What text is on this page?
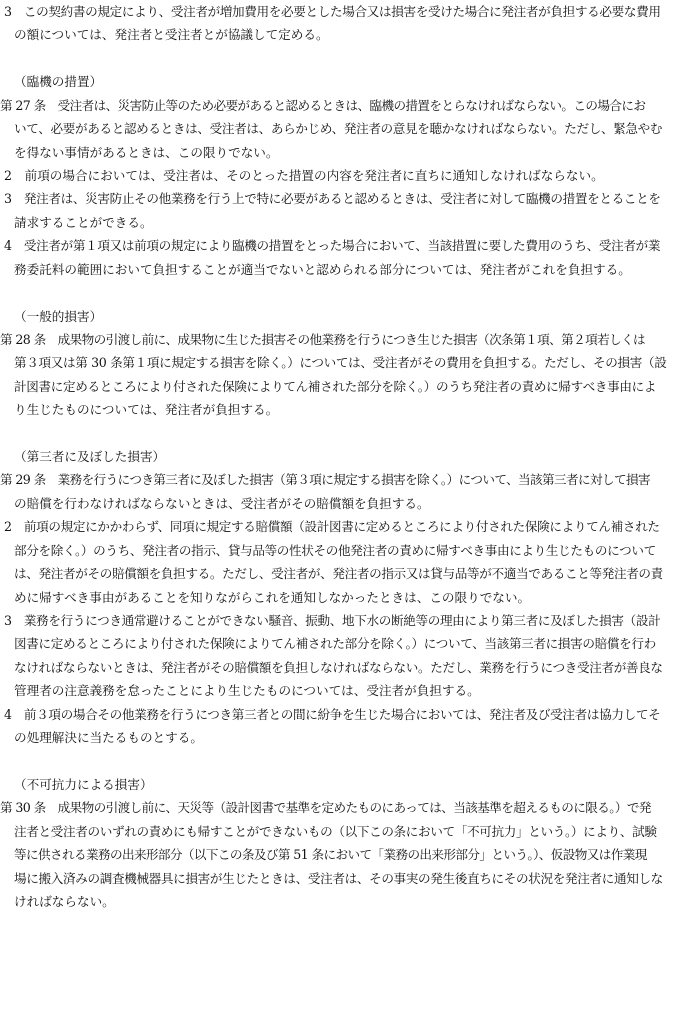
3　この契約書の規定により、受注者が増加費用を必要とした場合又は損害を受けた場合に発注者が負担する必要な費用
の額については、発注者と受注者とが協議して定める。
（臨機の措置）
第 27 条　受注者は、災害防止等のため必要があると認めるときは、臨機の措置をとらなければならない。この場合にお
いて、必要があると認めるときは、受注者は、あらかじめ、発注者の意見を聴かなければならない。ただし、緊急やむ
を得ない事情があるときは、この限りでない。
2　前項の場合においては、受注者は、そのとった措置の内容を発注者に直ちに通知しなければならない。
3　発注者は、災害防止その他業務を行う上で特に必要があると認めるときは、受注者に対して臨機の措置をとることを
請求することができる。
4　受注者が第１項又は前項の規定により臨機の措置をとった場合において、当該措置に要した費用のうち、受注者が業
務委託料の範囲において負担することが適当でないと認められる部分については、発注者がこれを負担する。
（一般的損害）
第 28 条　成果物の引渡し前に、成果物に生じた損害その他業務を行うにつき生じた損害（次条第１項、第２項若しくは
第３項又は第 30 条第１項に規定する損害を除く。）については、受注者がその費用を負担する。ただし、その損害（設
計図書に定めるところにより付された保険によりてん補された部分を除く。）のうち発注者の責めに帰すべき事由によ
り生じたものについては、発注者が負担する。
（第三者に及ぼした損害）
第 29 条　業務を行うにつき第三者に及ぼした損害（第３項に規定する損害を除く。）について、当該第三者に対して損害
の賠償を行わなければならないときは、受注者がその賠償額を負担する。
2　前項の規定にかかわらず、同項に規定する賠償額（設計図書に定めるところにより付された保険によりてん補された
部分を除く。）のうち、発注者の指示、貸与品等の性状その他発注者の責めに帰すべき事由により生じたものについて
は、発注者がその賠償額を負担する。ただし、受注者が、発注者の指示又は貸与品等が不適当であること等発注者の責
めに帰すべき事由があることを知りながらこれを通知しなかったときは、この限りでない。
3　業務を行うにつき通常避けることができない騒音、振動、地下水の断絶等の理由により第三者に及ぼした損害（設計
図書に定めるところにより付された保険によりてん補された部分を除く。）について、当該第三者に損害の賠償を行わ
なければならないときは、発注者がその賠償額を負担しなければならない。ただし、業務を行うにつき受注者が善良な
管理者の注意義務を怠ったことにより生じたものについては、受注者が負担する。
4　前３項の場合その他業務を行うにつき第三者との間に紛争を生じた場合においては、発注者及び受注者は協力してそ
の処理解決に当たるものとする。
（不可抗力による損害）
第 30 条　成果物の引渡し前に、天災等（設計図書で基準を定めたものにあっては、当該基準を超えるものに限る。）で発
注者と受注者のいずれの責めにも帰すことができないもの（以下この条において「不可抗力」という。）により、試験
等に供される業務の出来形部分（以下この条及び第 51 条において「業務の出来形部分」という。）、仮設物又は作業現
場に搬入済みの調査機械器具に損害が生じたときは、受注者は、その事実の発生後直ちにその状況を発注者に通知しな
ければならない。
